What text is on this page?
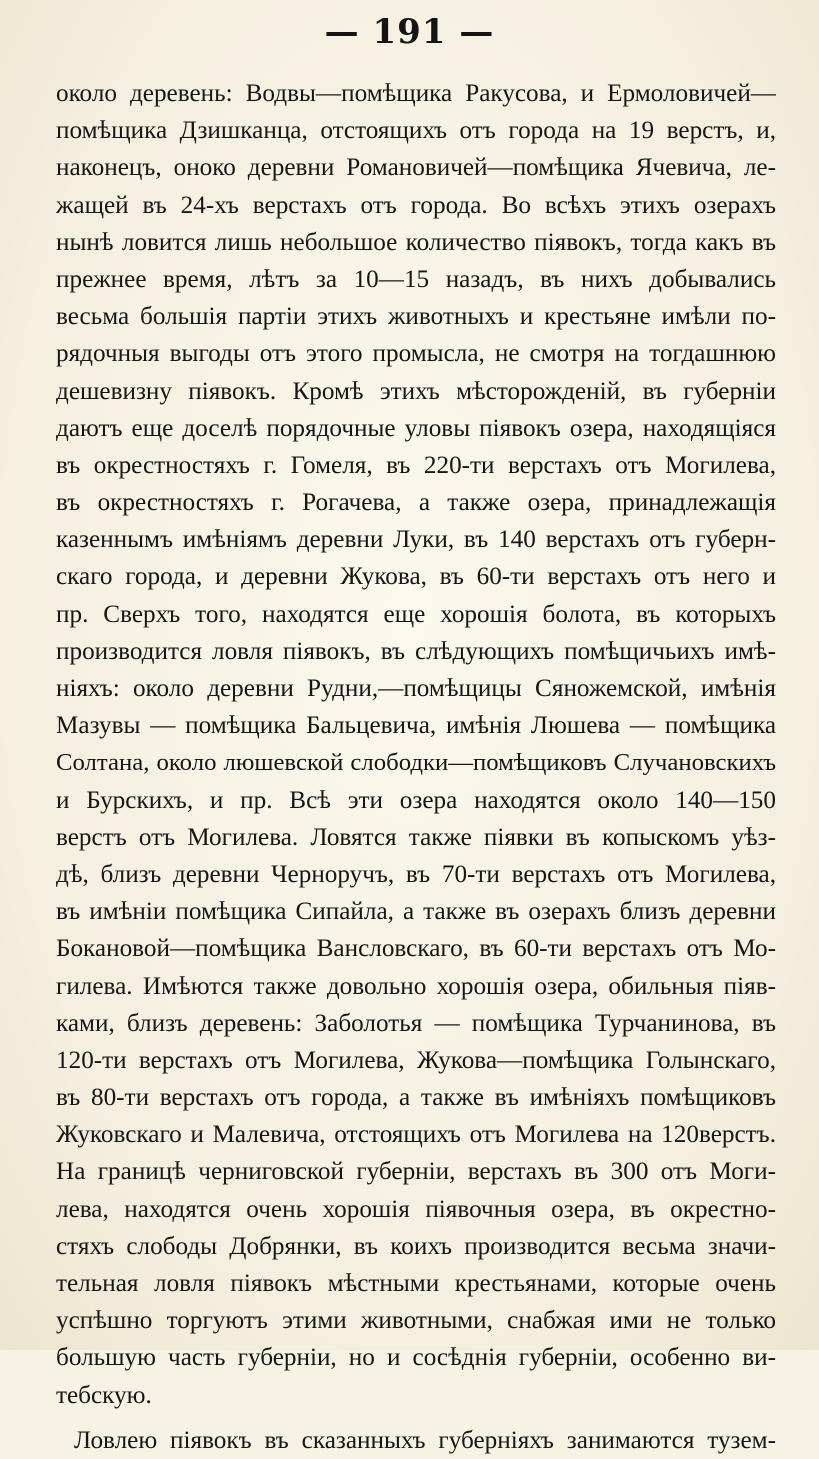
— 191 —
около деревень: Водвы—помѣщика Ракусова, и Ермоловичей—
помѣщика Дзишканца, отстоящихъ отъ города на 19 верстъ, и,
наконецъ, оноко деревни Романовичей—помѣщика Ячевича, ле-
жащей въ 24-хъ верстахъ отъ города. Во всѣхъ этихъ озерахъ
нынѣ ловится лишь небольшое количество піявокъ, тогда какъ въ
прежнее время, лѣтъ за 10—15 назадъ, въ нихъ добывались
весьма большія партіи этихъ животныхъ и крестьяне имѣли по-
рядочныя выгоды отъ этого промысла, не смотря на тогдашнюю
дешевизну піявокъ. Кромѣ этихъ мѣсторожденій, въ губерніи
даютъ еще доселѣ порядочные уловы піявокъ озера, находящіяся
въ окрестностяхъ г. Гомеля, въ 220-ти верстахъ отъ Могилева,
въ окрестностяхъ г. Рогачева, а также озера, принадлежащія
казеннымъ имѣніямъ деревни Луки, въ 140 верстахъ отъ губерн-
скаго города, и деревни Жукова, въ 60-ти верстахъ отъ него и
пр. Сверхъ того, находятся еще хорошія болота, въ которыхъ
производится ловля піявокъ, въ слѣдующихъ помѣщичьихъ имѣ-
ніяхъ: около деревни Рудни,—помѣщицы Сяножемской, имѣнія
Мазувы — помѣщика Бальцевича, имѣнія Люшева — помѣщика
Солтана, около люшевской слободки—помѣщиковъ Случановскихъ
и Бурскихъ, и пр. Всѣ эти озера находятся около 140—150
верстъ отъ Могилева. Ловятся также піявки въ копыскомъ уѣз-
дѣ, близъ деревни Черноручъ, въ 70-ти верстахъ отъ Могилева,
въ имѣніи помѣщика Сипайла, а также въ озерахъ близъ деревни
Бокановой—помѣщика Вансловскаго, въ 60-ти верстахъ отъ Мо-
гилева. Имѣются также довольно хорошія озера, обильныя піяв-
ками, близъ деревень: Заболотья — помѣщика Турчанинова, въ
120-ти верстахъ отъ Могилева, Жукова—помѣщика Голынскаго,
въ 80-ти верстахъ отъ города, а также въ имѣніяхъ помѣщиковъ
Жуковскаго и Малевича, отстоящихъ отъ Могилева на 120верстъ.
На границѣ черниговской губерніи, верстахъ въ 300 отъ Моги-
лева, находятся очень хорошія піявочныя озера, въ окрестно-
стяхъ слободы Добрянки, въ коихъ производится весьма значи-
тельная ловля піявокъ мѣстными крестьянами, которые очень
успѣшно торгуютъ этими животными, снабжая ими не только
большую часть губерніи, но и сосѣднія губерніи, особенно ви-
тебскую.
Ловлею піявокъ въ сказанныхъ губерніяхъ занимаются тузем-
